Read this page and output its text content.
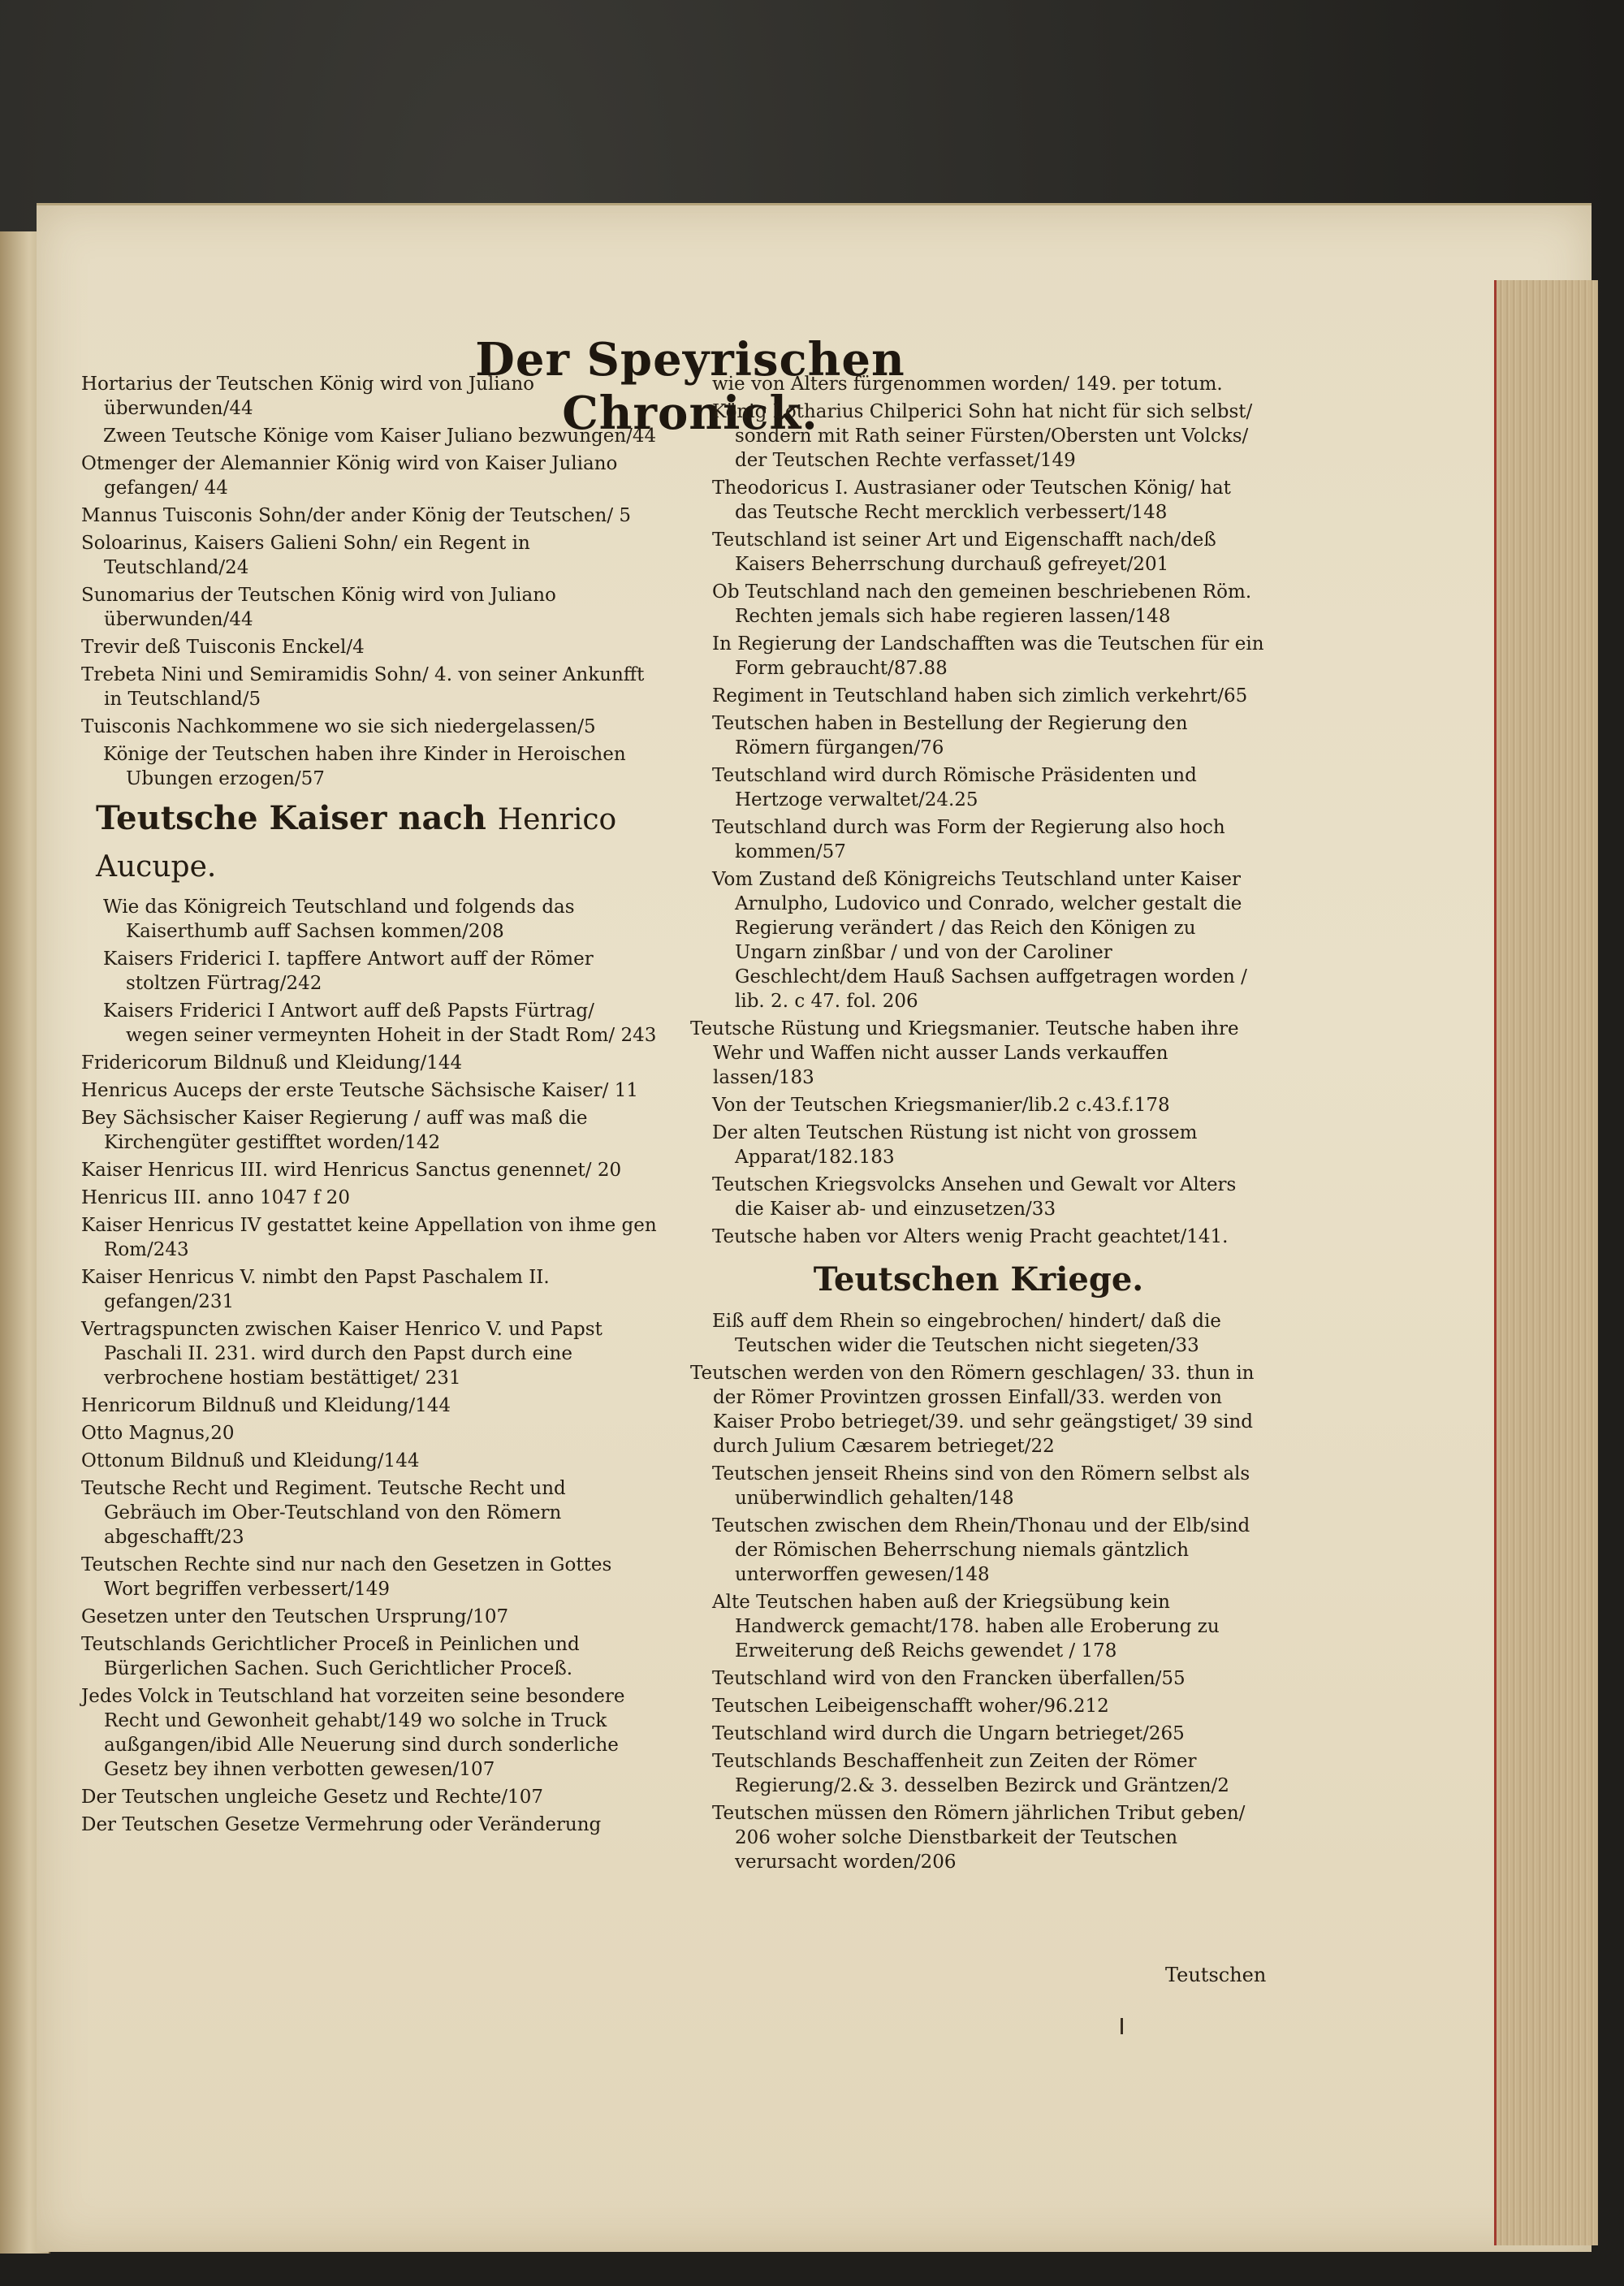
Der Speyrischen Chronick.
Hortarius der Teutschen König wird von Juliano überwunden/44
Zween Teutsche Könige vom Kaiser Juliano bezwungen/44
Otmenger der Alemannier König wird von Kaiser Juliano gefangen/ 44
Mannus Tuisconis Sohn/der ander König der Teutschen/ 5
Soloarinus, Kaisers Galieni Sohn/ ein Regent in Teutschland/24
Sunomarius der Teutschen König wird von Juliano überwunden/44
Trevir deß Tuisconis Enckel/4
Trebeta Nini und Semiramidis Sohn/ 4. von seiner Ankunfft in Teutschland/5
Tuisconis Nachkommene wo sie sich niedergelassen/5
Könige der Teutschen haben ihre Kinder in Heroischen Ubungen erzogen/57
Teutsche Kaiser nach Henrico Aucupe.
Wie das Königreich Teutschland und folgends das Kaiserthumb auff Sachsen kommen/208
Kaisers Friderici I. tapffere Antwort auff der Römer stoltzen Fürtrag/242
Kaisers Friderici I Antwort auff deß Papsts Fürtrag/ wegen seiner vermeynten Hoheit in der Stadt Rom/ 243
Fridericorum Bildnuß und Kleidung/144
Henricus Auceps der erste Teutsche Sächsische Kaiser/ 11
Bey Sächsischer Kaiser Regierung / auff was maß die Kirchengüter gestifftet worden/142
Kaiser Henricus III. wird Henricus Sanctus genennet/ 20
Henricus III. anno 1047 f 20
Kaiser Henricus IV gestattet keine Appellation von ihme gen Rom/243
Kaiser Henricus V. nimbt den Papst Paschalem II. gefangen/231
Vertragspuncten zwischen Kaiser Henrico V. und Papst Paschali II. 231. wird durch den Papst durch eine verbrochene hostiam bestättiget/ 231
Henricorum Bildnuß und Kleidung/144
Otto Magnus,20
Ottonum Bildnuß und Kleidung/144
Teutsche Recht und Regiment. Teutsche Recht und Gebräuch im Ober-Teutschland von den Römern abgeschafft/23
Teutschen Rechte sind nur nach den Gesetzen in Gottes Wort begriffen verbessert/149
Gesetzen unter den Teutschen Ursprung/107
Teutschlands Gerichtlicher Proceß in Peinlichen und Bürgerlichen Sachen. Such Gerichtlicher Proceß.
Jedes Volck in Teutschland hat vorzeiten seine besondere Recht und Gewonheit gehabt/149 wo solche in Truck außgangen/ibid Alle Neuerung sind durch sonderliche Gesetz bey ihnen verbotten gewesen/107
Der Teutschen ungleiche Gesetz und Rechte/107
Der Teutschen Gesetze Vermehrung oder Veränderung
wie von Alters fürgenommen worden/ 149. per totum.
König Lotharius Chilperici Sohn hat nicht für sich selbst/ sondern mit Rath seiner Fürsten/Obersten unt Volcks/ der Teutschen Rechte verfasset/149
Theodoricus I. Austrasianer oder Teutschen König/ hat das Teutsche Recht mercklich verbessert/148
Teutschland ist seiner Art und Eigenschafft nach/deß Kaisers Beherrschung durchauß gefreyet/201
Ob Teutschland nach den gemeinen beschriebenen Röm. Rechten jemals sich habe regieren lassen/148
In Regierung der Landschafften was die Teutschen für ein Form gebraucht/87.88
Regiment in Teutschland haben sich zimlich verkehrt/65
Teutschen haben in Bestellung der Regierung den Römern fürgangen/76
Teutschland wird durch Römische Präsidenten und Hertzoge verwaltet/24.25
Teutschland durch was Form der Regierung also hoch kommen/57
Vom Zustand deß Königreichs Teutschland unter Kaiser Arnulpho, Ludovico und Conrado, welcher gestalt die Regierung verändert / das Reich den Königen zu Ungarn zinßbar / und von der Caroliner Geschlecht/dem Hauß Sachsen auffgetragen worden / lib. 2. c 47. fol. 206
Teutsche Rüstung und Kriegsmanier. Teutsche haben ihre Wehr und Waffen nicht ausser Lands verkauffen lassen/183
Von der Teutschen Kriegsmanier/lib.2 c.43.f.178
Der alten Teutschen Rüstung ist nicht von grossem Apparat/182.183
Teutschen Kriegsvolcks Ansehen und Gewalt vor Alters die Kaiser ab- und einzusetzen/33
Teutsche haben vor Alters wenig Pracht geachtet/141.
Teutschen Kriege.
Eiß auff dem Rhein so eingebrochen/ hindert/ daß die Teutschen wider die Teutschen nicht siegeten/33
Teutschen werden von den Römern geschlagen/ 33. thun in der Römer Provintzen grossen Einfall/33. werden von Kaiser Probo betrieget/39. und sehr geängstiget/ 39 sind durch Julium Cæsarem betrieget/22
Teutschen jenseit Rheins sind von den Römern selbst als unüberwindlich gehalten/148
Teutschen zwischen dem Rhein/Thonau und der Elb/sind der Römischen Beherrschung niemals gäntzlich unterworffen gewesen/148
Alte Teutschen haben auß der Kriegsübung kein Handwerck gemacht/178. haben alle Eroberung zu Erweiterung deß Reichs gewendet / 178
Teutschland wird von den Francken überfallen/55
Teutschen Leibeigenschafft woher/96.212
Teutschland wird durch die Ungarn betrieget/265
Teutschlands Beschaffenheit zun Zeiten der Römer Regierung/2.& 3. desselben Bezirck und Gräntzen/2
Teutschen müssen den Römern jährlichen Tribut geben/ 206 woher solche Dienstbarkeit der Teutschen verursacht worden/206
Teutschen
